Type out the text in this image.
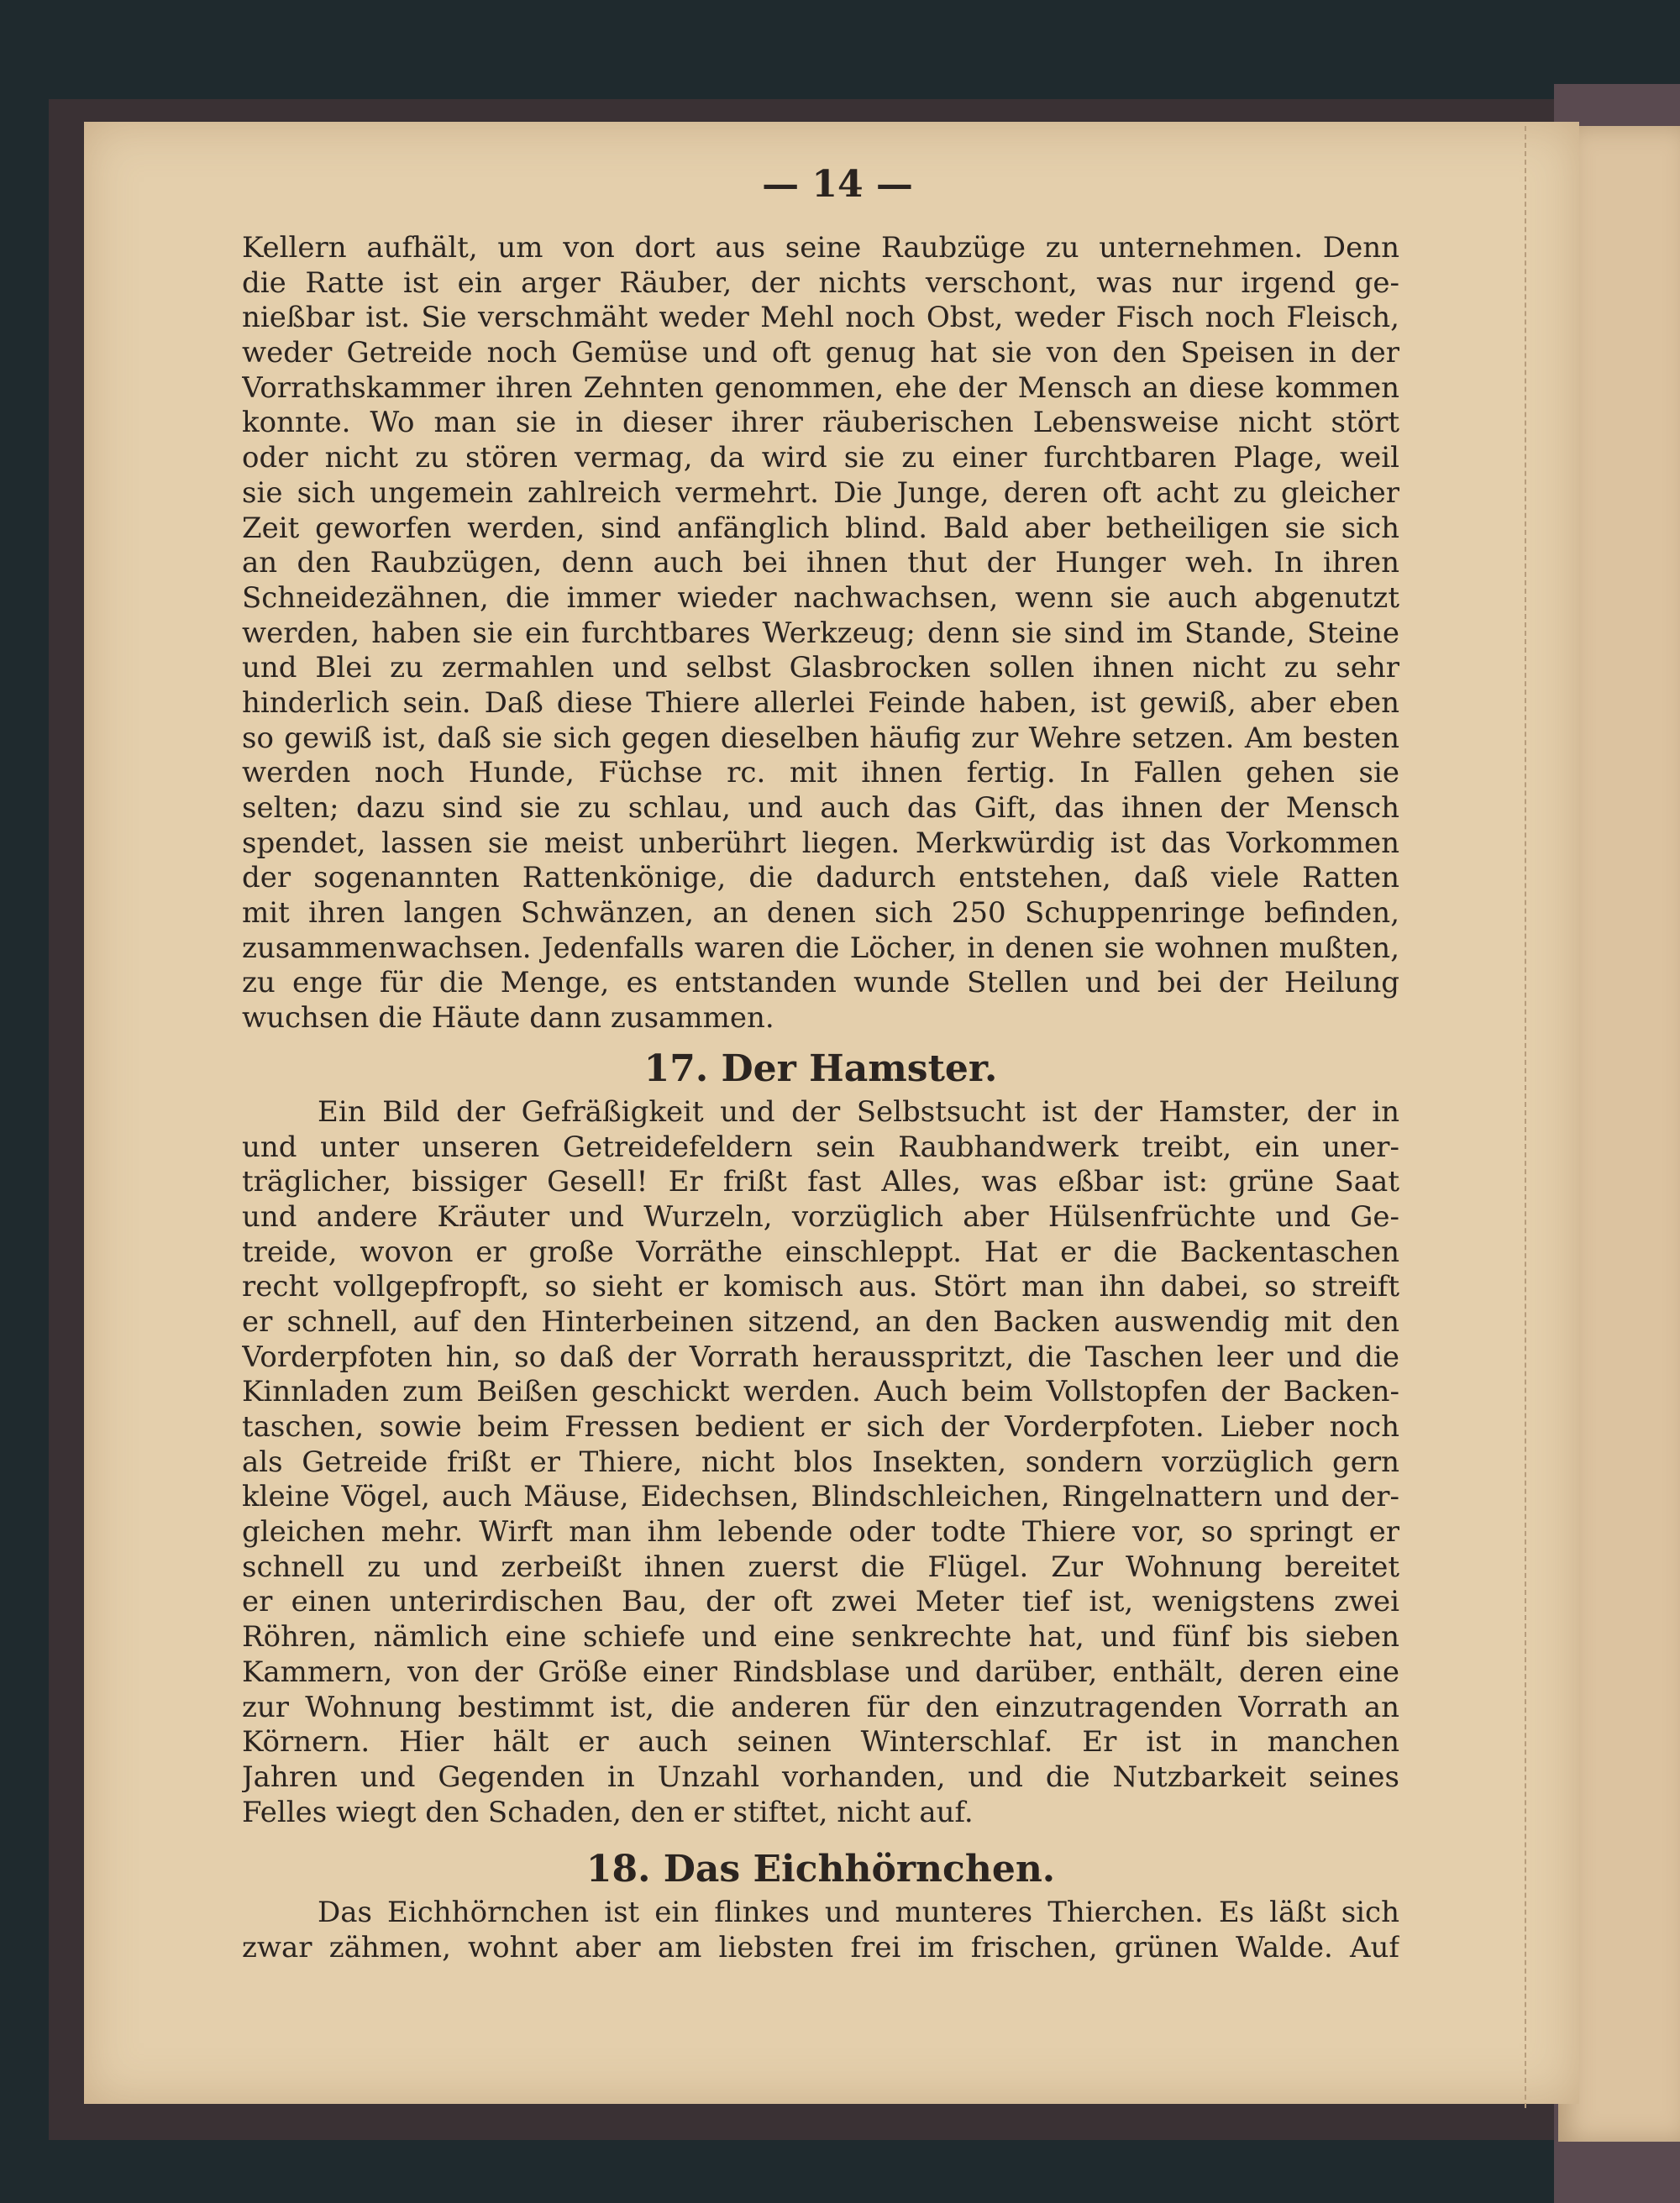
— 14 —
Kellern aufhält, um von dort aus seine Raubzüge zu unternehmen. Denn
die Ratte ist ein arger Räuber, der nichts verschont, was nur irgend ge-
nießbar ist. Sie verschmäht weder Mehl noch Obst, weder Fisch noch Fleisch,
weder Getreide noch Gemüse und oft genug hat sie von den Speisen in der
Vorrathskammer ihren Zehnten genommen, ehe der Mensch an diese kommen
konnte. Wo man sie in dieser ihrer räuberischen Lebensweise nicht stört
oder nicht zu stören vermag, da wird sie zu einer furchtbaren Plage, weil
sie sich ungemein zahlreich vermehrt. Die Junge, deren oft acht zu gleicher
Zeit geworfen werden, sind anfänglich blind. Bald aber betheiligen sie sich
an den Raubzügen, denn auch bei ihnen thut der Hunger weh. In ihren
Schneidezähnen, die immer wieder nachwachsen, wenn sie auch abgenutzt
werden, haben sie ein furchtbares Werkzeug; denn sie sind im Stande, Steine
und Blei zu zermahlen und selbst Glasbrocken sollen ihnen nicht zu sehr
hinderlich sein. Daß diese Thiere allerlei Feinde haben, ist gewiß, aber eben
so gewiß ist, daß sie sich gegen dieselben häufig zur Wehre setzen. Am besten
werden noch Hunde, Füchse rc. mit ihnen fertig. In Fallen gehen sie
selten; dazu sind sie zu schlau, und auch das Gift, das ihnen der Mensch
spendet, lassen sie meist unberührt liegen. Merkwürdig ist das Vorkommen
der sogenannten Rattenkönige, die dadurch entstehen, daß viele Ratten
mit ihren langen Schwänzen, an denen sich 250 Schuppenringe befinden,
zusammenwachsen. Jedenfalls waren die Löcher, in denen sie wohnen mußten,
zu enge für die Menge, es entstanden wunde Stellen und bei der Heilung
wuchsen die Häute dann zusammen.
17. Der Hamster.
Ein Bild der Gefräßigkeit und der Selbstsucht ist der Hamster, der in
und unter unseren Getreidefeldern sein Raubhandwerk treibt, ein uner-
träglicher, bissiger Gesell! Er frißt fast Alles, was eßbar ist: grüne Saat
und andere Kräuter und Wurzeln, vorzüglich aber Hülsenfrüchte und Ge-
treide, wovon er große Vorräthe einschleppt. Hat er die Backentaschen
recht vollgepfropft, so sieht er komisch aus. Stört man ihn dabei, so streift
er schnell, auf den Hinterbeinen sitzend, an den Backen auswendig mit den
Vorderpfoten hin, so daß der Vorrath herausspritzt, die Taschen leer und die
Kinnladen zum Beißen geschickt werden. Auch beim Vollstopfen der Backen-
taschen, sowie beim Fressen bedient er sich der Vorderpfoten. Lieber noch
als Getreide frißt er Thiere, nicht blos Insekten, sondern vorzüglich gern
kleine Vögel, auch Mäuse, Eidechsen, Blindschleichen, Ringelnattern und der-
gleichen mehr. Wirft man ihm lebende oder todte Thiere vor, so springt er
schnell zu und zerbeißt ihnen zuerst die Flügel. Zur Wohnung bereitet
er einen unterirdischen Bau, der oft zwei Meter tief ist, wenigstens zwei
Röhren, nämlich eine schiefe und eine senkrechte hat, und fünf bis sieben
Kammern, von der Größe einer Rindsblase und darüber, enthält, deren eine
zur Wohnung bestimmt ist, die anderen für den einzutragenden Vorrath an
Körnern. Hier hält er auch seinen Winterschlaf. Er ist in manchen
Jahren und Gegenden in Unzahl vorhanden, und die Nutzbarkeit seines
Felles wiegt den Schaden, den er stiftet, nicht auf.
18. Das Eichhörnchen.
Das Eichhörnchen ist ein flinkes und munteres Thierchen. Es läßt sich
zwar zähmen, wohnt aber am liebsten frei im frischen, grünen Walde. Auf
